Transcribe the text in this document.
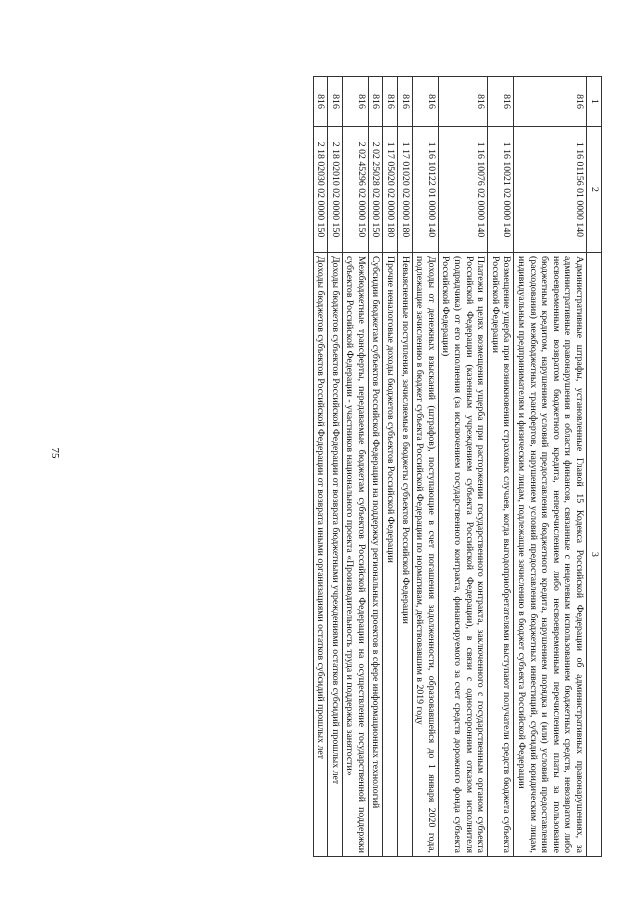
75
1	2	3
816	1 16 01156 01 0000 140	Административные штрафы, установленные Главой 15 Кодекса Российской Федерации об административных правонарушениях, за административные правонарушения в области финансов, связанные с нецелевым использованием бюджетных средств, невозвратом либо несвоевременным возвратом бюджетного кредита, неперечислением либо несвоевременным перечислением платы за пользование бюджетным кредитом, нарушением условий предоставления бюджетного кредита, нарушением порядка и (или) условий предоставления (расходования) межбюджетных трансфертов, нарушением условий предоставления бюджетных инвестиций, субсидий юридическим лицам, индивидуальным предпринимателям и физическим лицам, подлежащие зачислению в бюджет субъекта Российской Федерации
816	1 16 10021 02 0000 140	Возмещение ущерба при возникновении страховых случаев, когда выгодоприобретателями выступают получатели средств бюджета субъекта Российской Федерации
816	1 16 10076 02 0000 140	Платежи в целях возмещения ущерба при расторжении государственного контракта, заключенного с государственным органом субъекта Российской Федерации (казенным учреждением субъекта Российской Федерации), в связи с односторонним отказом исполнителя (подрядчика) от его исполнения (за исключением государственного контракта, финансируемого за счет средств дорожного фонда субъекта Российской Федерации)
816	1 16 10122 01 0000 140	Доходы от денежных взысканий (штрафов), поступающие в счет погашения задолженности, образовавшейся до 1 января 2020 года, подлежащие зачислению в бюджет субъекта Российской Федерации по нормативам, действовавшим в 2019 году
816	1 17 01020 02 0000 180	Невыясненные поступления, зачисляемые в бюджеты субъектов Российской Федерации
816	1 17 05020 02 0000 180	Прочие неналоговые доходы бюджетов субъектов Российской Федерации
816	2 02 25028 02 0000 150	Субсидии бюджетам субъектов Российской Федерации на поддержку региональных проектов в сфере информационных технологий
816	2 02 45296 02 0000 150	Межбюджетные трансферты, передаваемые бюджетам субъектов Российской Федерации на осуществление государственной поддержки субъектов Российской Федерации - участников национального проекта «Производительность труда и поддержка занятости»
816	2 18 02010 02 0000 150	Доходы бюджетов субъектов Российской Федерации от возврата бюджетными учреждениями остатков субсидий прошлых лет
816	2 18 02030 02 0000 150	Доходы бюджетов субъектов Российской Федерации от возврата иными организациями остатков субсидий прошлых лет
